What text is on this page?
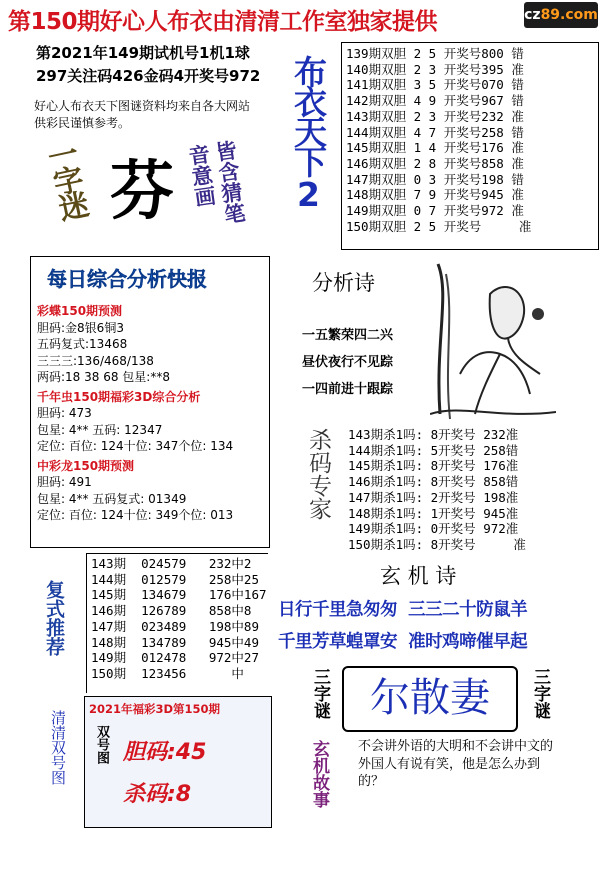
第150期好心人布衣由清清工作室独家提供	cz89.com
第2021年149期试机号1机1球
297关注码426金码4开奖号972
好心人布衣天下图谜资料均来自各大网站
供彩民谨慎参考。
一字迷 芬	皆含猜笔音意画	布衣天下2
139期双胆 2 5 开奖号800 错
140期双胆 2 3 开奖号395 准
141期双胆 3 5 开奖号070 错
142期双胆 4 9 开奖号967 错
143期双胆 2 3 开奖号232 准
144期双胆 4 7 开奖号258 错
145期双胆 1 4 开奖号176 准
146期双胆 2 8 开奖号858 准
147期双胆 0 3 开奖号198 错
148期双胆 7 9 开奖号945 准
149期双胆 0 7 开奖号972 准
150期双胆 2 5 开奖号     准
每日综合分析快报
彩蝶150期预测
胆码:金8银6铜3
五码复式:13468
三三三:136/468/138
两码:18 38 68 包星:**8
千年虫150期福彩3D综合分析
胆码: 473
包星: 4** 五码: 12347
定位: 百位: 124十位: 347个位: 134
中彩龙150期预测
胆码: 491
包星: 4** 五码复式: 01349
定位: 百位: 124十位: 349个位: 013
分析诗
一五繁荣四二兴
昼伏夜行不见踪
一四前进十跟踪
杀码专家 143期杀1吗: 8开奖号 232准
144期杀1吗: 5开奖号 258错
145期杀1吗: 8开奖号 176准
146期杀1吗: 8开奖号 858错
147期杀1吗: 2开奖号 198准
148期杀1吗: 1开奖号 945准
149期杀1吗: 0开奖号 972准
150期杀1吗: 8开奖号     准
复式推荐
143期  024579   232中2
144期  012579   258中25
145期  134679   176中167
146期  126789   858中8
147期  023489   198中89
148期  134789   945中49
149期  012478   972中27
150期  123456      中
玄 机 诗
日行千里急匆匆  三三二十防鼠羊
千里芳草蝗罩安  准时鸡啼催早起
清清双号图
2021年福彩3D第150期
双号图 胆码:45
杀码:8
三字谜	尔散妻	三字谜
玄机故事 不会讲外语的大明和不会讲中文的外国人有说有笑，他是怎么办到的？
